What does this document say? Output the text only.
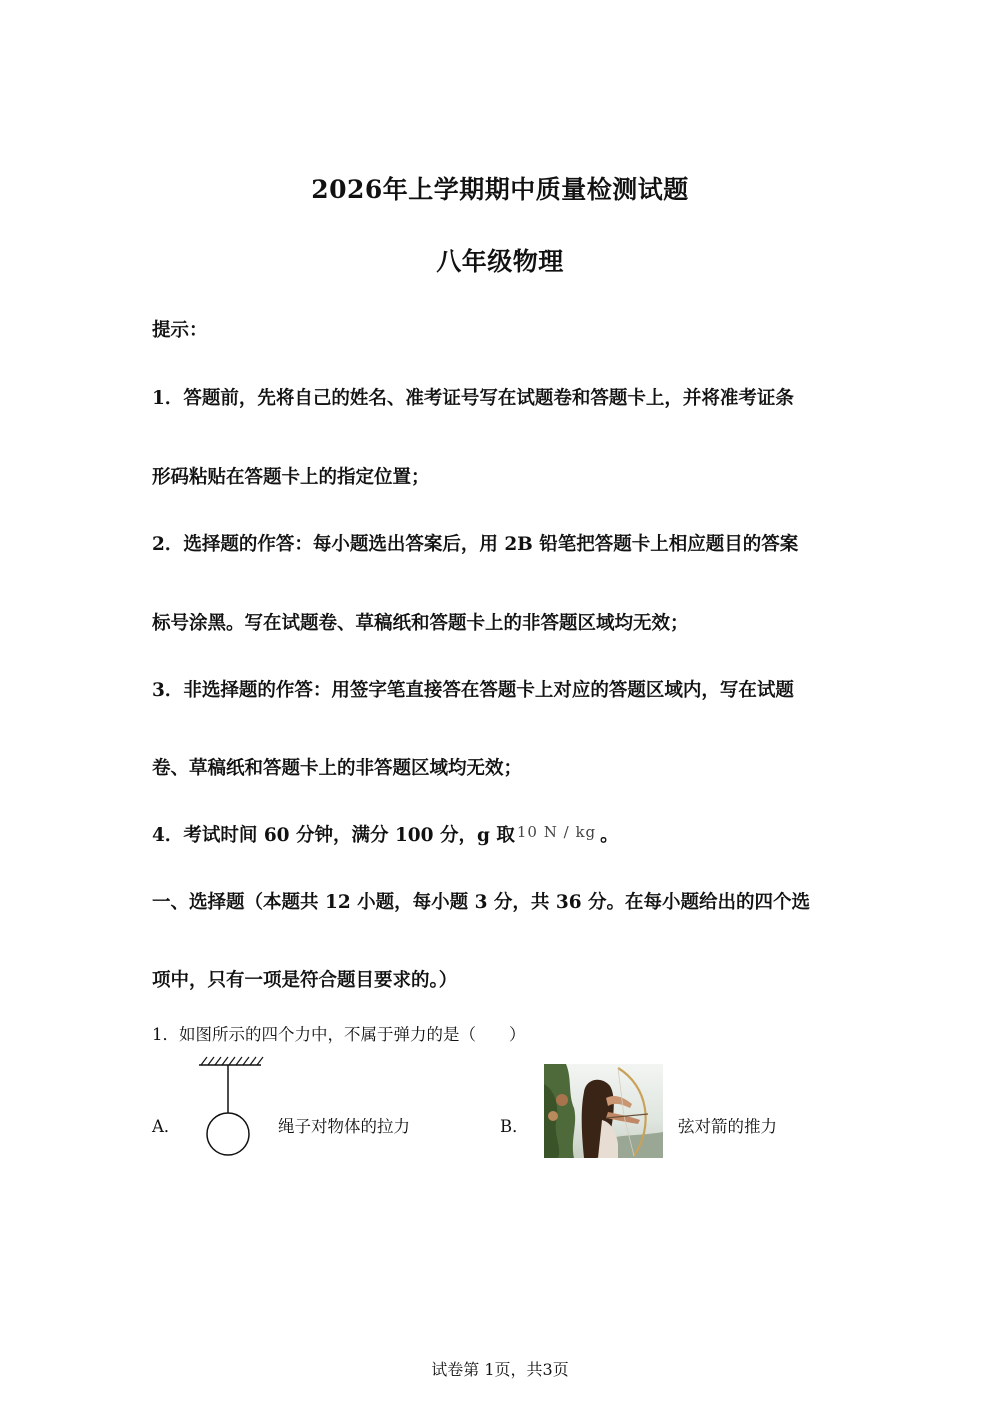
2026年上学期期中质量检测试题
八年级物理
提示：
1．答题前，先将自己的姓名、准考证号写在试题卷和答题卡上，并将准考证条
形码粘贴在答题卡上的指定位置；
2．选择题的作答：每小题选出答案后，用 2B 铅笔把答题卡上相应题目的答案
标号涂黑。写在试题卷、草稿纸和答题卡上的非答题区域均无效；
3．非选择题的作答：用签字笔直接答在答题卡上对应的答题区域内，写在试题
卷、草稿纸和答题卡上的非答题区域均无效；
4．考试时间 60 分钟，满分 100 分，g 取 $^{10 N / kg}$ 。
一、选择题（本题共 12 小题，每小题 3 分，共 36 分。在每小题给出的四个选
项中，只有一项是符合题目要求的。）
1．如图所示的四个力中，不属于弹力的是（　　）
A．	绳子对物体的拉力	B．	弦对箭的推力
试卷第 1页，共3页
